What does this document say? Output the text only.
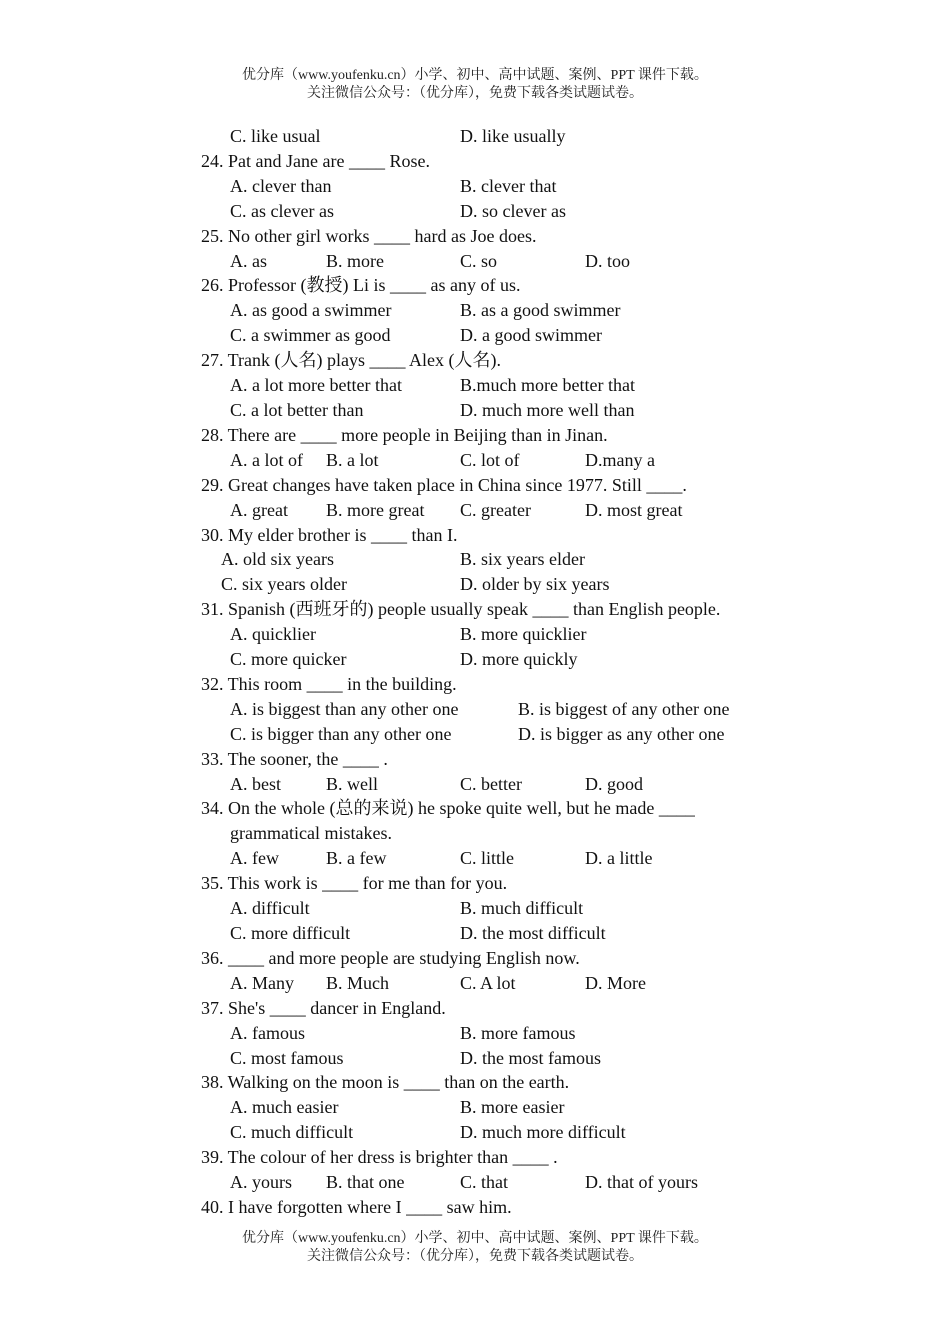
优分库（www.youfenku.cn）小学、初中、高中试题、案例、PPT 课件下载。
关注微信公众号：（优分库），免费下载各类试题试卷。
C. like usual	D. like usually
24. Pat and Jane are ____ Rose.
A. clever than	B. clever that
C. as clever as	D. so clever as
25. No other girl works ____ hard as Joe does.
A. as	B. more	C. so	D. too
26. Professor (教授) Li is ____ as any of us.
A. as good a swimmer	B. as a good swimmer
C. a swimmer as good	D. a good swimmer
27. Trank (人名) plays ____ Alex (人名).
A. a lot more better that	B.much more better that
C. a lot better than	D. much more well than
28. There are ____ more people in Beijing than in Jinan.
A. a lot of B. a lot	C. lot of	D.many a
29. Great changes have taken place in China since 1977. Still ____.
A. great B. more great C. greater	D. most great
30. My elder brother is ____ than I.
A. old six years	B. six years elder
C. six years older	D. older by six years
31. Spanish (西班牙的) people usually speak ____ than English people.
A. quicklier	B. more quicklier
C. more quicker	D. more quickly
32. This room ____ in the building.
A. is biggest than any other one	B. is biggest of any other one
C. is bigger than any other one	D. is bigger as any other one
33. The sooner, the ____ .
A. best	B. well	C. better	D. good
34. On the whole (总的来说) he spoke quite well, but he made ____
grammatical mistakes.
A. few	B. a few	C. little	D. a little
35. This work is ____ for me than for you.
A. difficult	B. much difficult
C. more difficult	D. the most difficult
36. ____ and more people are studying English now.
A. Many B. Much	C. A lot	D. More
37. She's ____ dancer in England.
A. famous	B. more famous
C. most famous	D. the most famous
38. Walking on the moon is ____ than on the earth.
A. much easier	B. more easier
C. much difficult	D. much more difficult
39. The colour of her dress is brighter than ____ .
A. yours B. that one	C. that	D. that of yours
40. I have forgotten where I ____ saw him.
优分库（www.youfenku.cn）小学、初中、高中试题、案例、PPT 课件下载。
关注微信公众号：（优分库），免费下载各类试题试卷。
